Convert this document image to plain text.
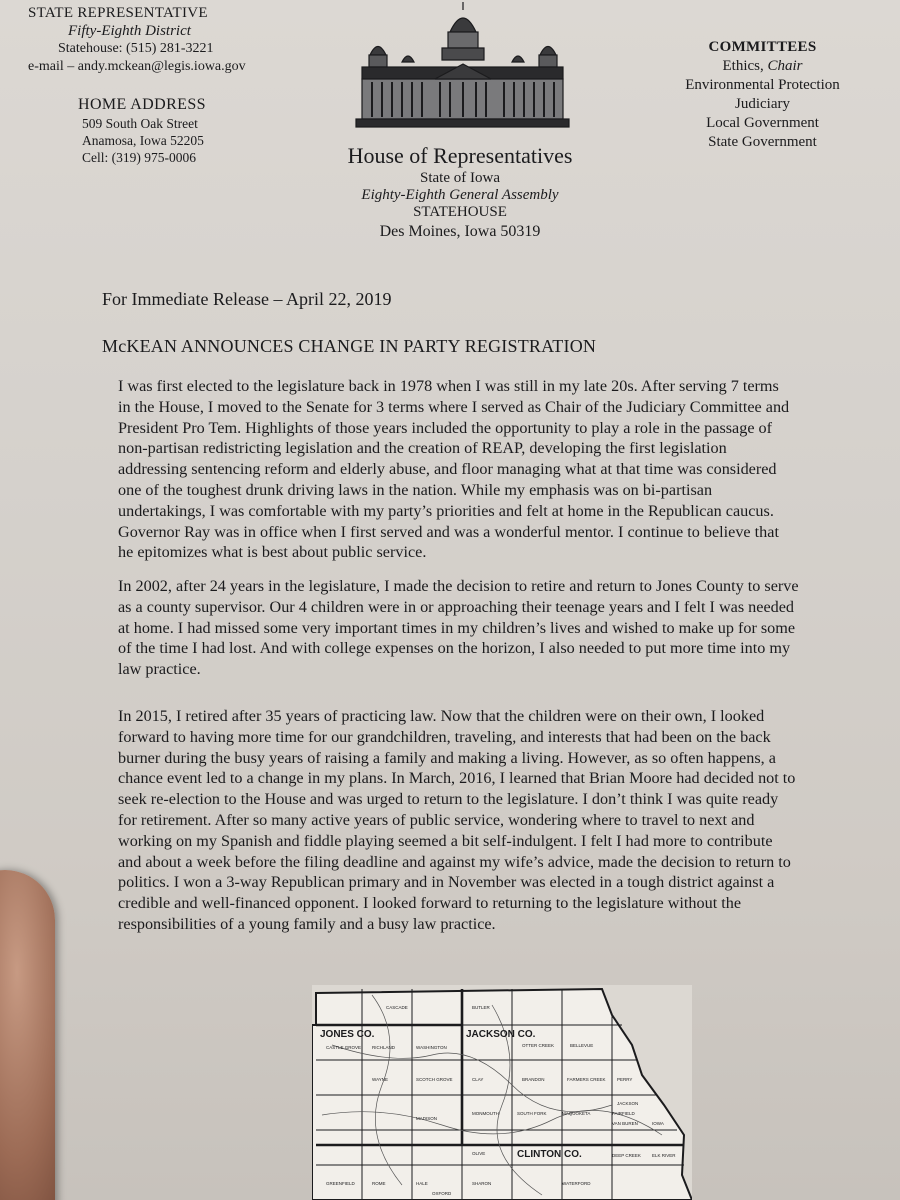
STATE REPRESENTATIVE
Fifty-Eighth District
Statehouse: (515) 281-3221
e-mail – andy.mckean@legis.iowa.gov
HOME ADDRESS
509 South Oak Street
Anamosa, Iowa 52205
Cell: (319) 975-0006	House of Representatives
State of Iowa
Eighty-Eighth General Assembly
STATEHOUSE
Des Moines, Iowa 50319
COMMITTEES
Ethics, Chair
Environmental Protection
Judiciary
Local Government
State Government
For Immediate Release – April 22, 2019
McKEAN ANNOUNCES CHANGE IN PARTY REGISTRATION
I was first elected to the legislature back in 1978 when I was still in my late 20s. After serving 7 terms
in the House, I moved to the Senate for 3 terms where I served as Chair of the Judiciary Committee and
President Pro Tem. Highlights of those years included the opportunity to play a role in the passage of
non-partisan redistricting legislation and the creation of REAP, developing the first legislation
addressing sentencing reform and elderly abuse, and floor managing what at that time was considered
one of the toughest drunk driving laws in the nation. While my emphasis was on bi-partisan
undertakings, I was comfortable with my party’s priorities and felt at home in the Republican caucus.
Governor Ray was in office when I first served and was a wonderful mentor. I continue to believe that
he epitomizes what is best about public service.
In 2002, after 24 years in the legislature, I made the decision to retire and return to Jones County to serve
as a county supervisor. Our 4 children were in or approaching their teenage years and I felt I was needed
at home. I had missed some very important times in my children’s lives and wished to make up for some
of the time I had lost. And with college expenses on the horizon, I also needed to put more time into my
law practice.
In 2015, I retired after 35 years of practicing law. Now that the children were on their own, I looked
forward to having more time for our grandchildren, traveling, and interests that had been on the back
burner during the busy years of raising a family and making a living. However, as so often happens, a
chance event led to a change in my plans. In March, 2016, I learned that Brian Moore had decided not to
seek re-election to the House and was urged to return to the legislature. I don’t think I was quite ready
for retirement. After so many active years of public service, wondering where to travel to next and
working on my Spanish and fiddle playing seemed a bit self-indulgent. I felt I had more to contribute
and about a week before the filing deadline and against my wife’s advice, made the decision to return to
politics. I won a 3-way Republican primary and in November was elected in a tough district against a
credible and well-financed opponent. I looked forward to returning to the legislature without the
responsibilities of a young family and a busy law practice.
JONES CO.	JACKSON CO.
CLINTON CO.
CASTLE GROVE RICHLAND	WASHINGTON
CASCADE	BUTLER
OTTER CREEK	BELLEVUE
WAYNE	SCOTCH GROVE	CLAY	BRANDON	FARMERS CREEK	PERRY
JACKSON
MADISON
MONMOUTH	SOUTH FORK	MAQUOKETA	FAIRFIELD
VAN BUREN	IOWA
GREENFIELD	HALE	SHARON
OLIVE
WATERFORD
DEEP CREEK ELK RIVER
ROME
OXFORD
